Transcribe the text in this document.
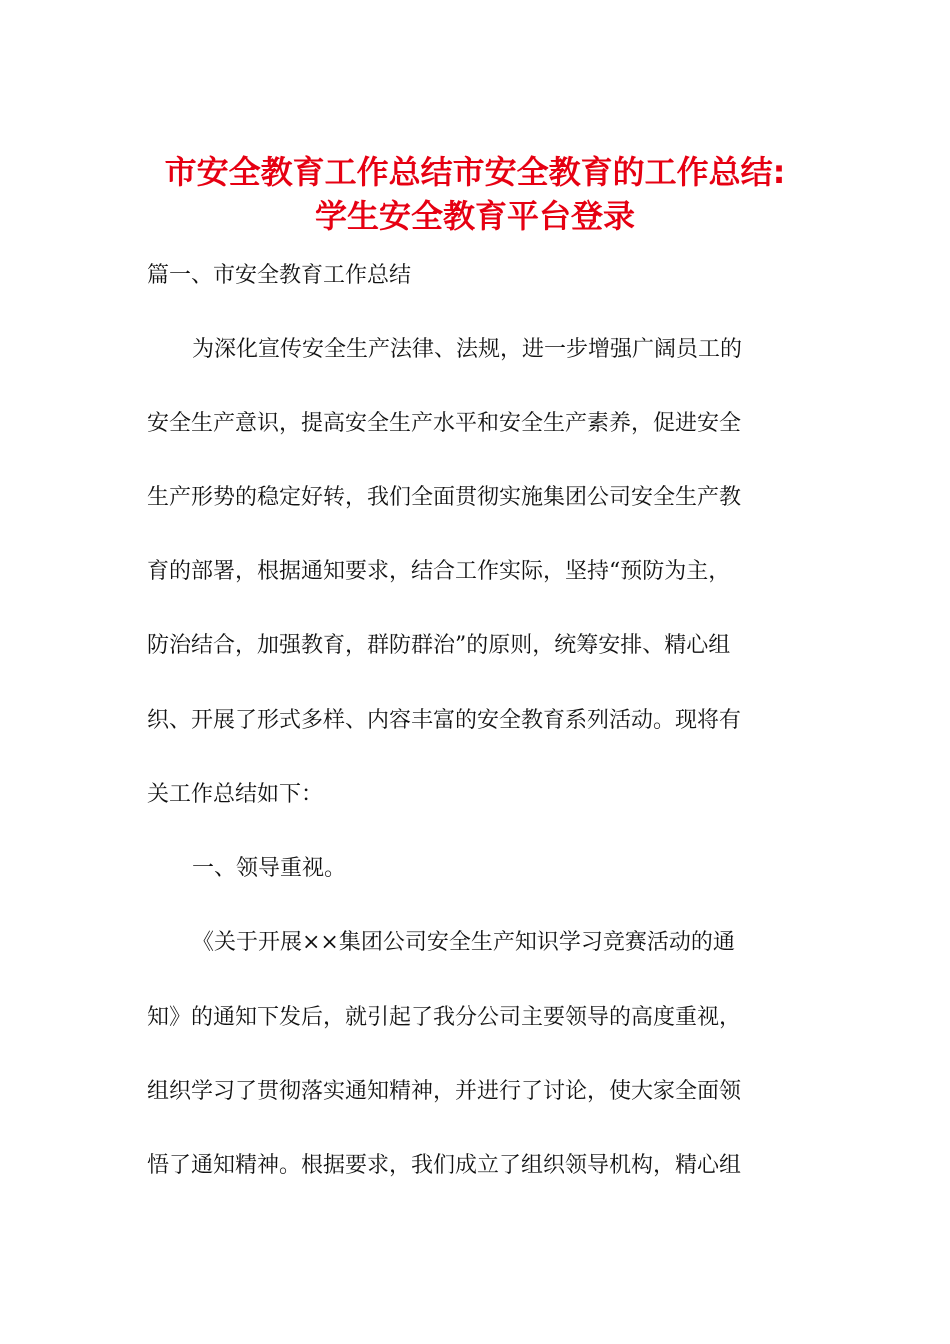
市安全教育工作总结市安全教育的工作总结:
学生安全教育平台登录
篇一、市安全教育工作总结
为深化宣传安全生产法律、法规，进一步增强广阔员工的
安全生产意识，提高安全生产水平和安全生产素养，促进安全
生产形势的稳定好转，我们全面贯彻实施集团公司安全生产教
育的部署，根据通知要求，结合工作实际，坚持“预防为主，
防治结合，加强教育，群防群治”的原则，统筹安排、精心组
织、开展了形式多样、内容丰富的安全教育系列活动。现将有
关工作总结如下：
一、领导重视。
《关于开展××集团公司安全生产知识学习竞赛活动的通
知》的通知下发后，就引起了我分公司主要领导的高度重视，
组织学习了贯彻落实通知精神，并进行了讨论，使大家全面领
悟了通知精神。根据要求，我们成立了组织领导机构，精心组
